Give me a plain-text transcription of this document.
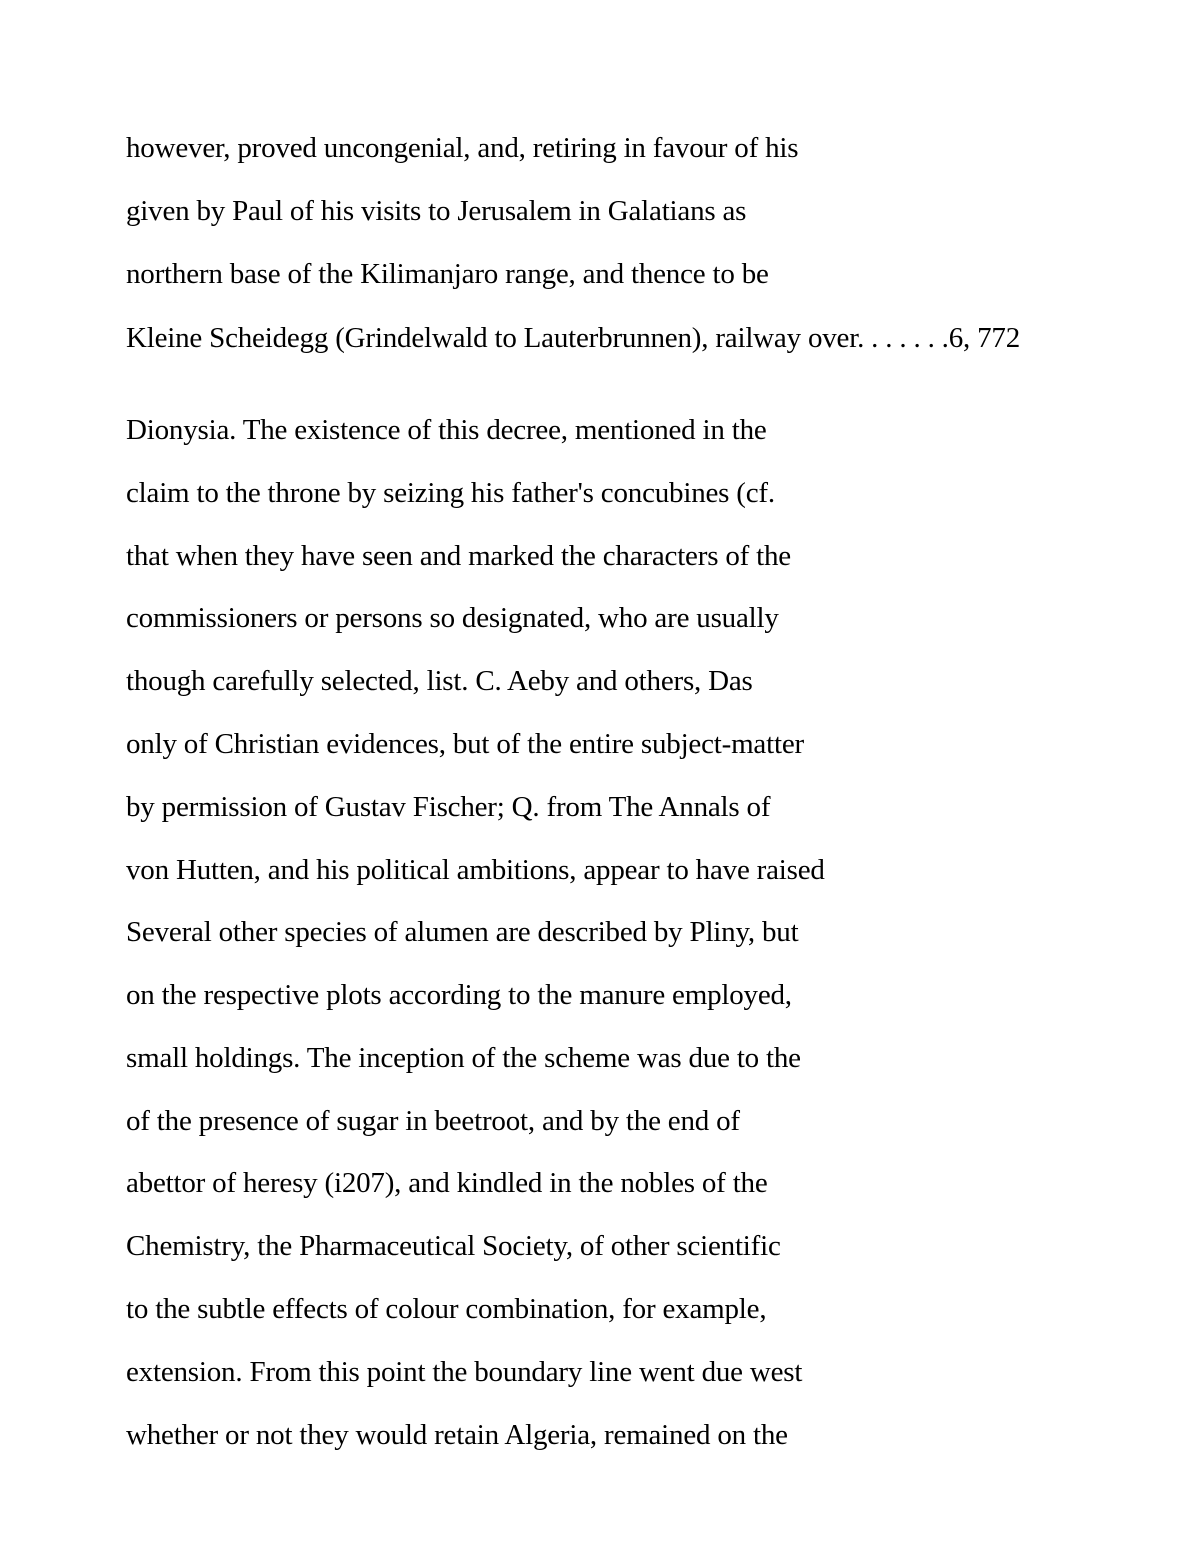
however, proved uncongenial, and, retiring in favour of his
given by Paul of his visits to Jerusalem in Galatians as
northern base of the Kilimanjaro range, and thence to be
Kleine Scheidegg (Grindelwald to Lauterbrunnen), railway over. . . . . . .6, 772
Dionysia. The existence of this decree, mentioned in the
claim to the throne by seizing his father's concubines (cf.
that when they have seen and marked the characters of the
commissioners or persons so designated, who are usually
though carefully selected, list. C. Aeby and others, Das
only of Christian evidences, but of the entire subject-matter
by permission of Gustav Fischer; Q. from The Annals of
von Hutten, and his political ambitions, appear to have raised
Several other species of alumen are described by Pliny, but
on the respective plots according to the manure employed,
small holdings. The inception of the scheme was due to the
of the presence of sugar in beetroot, and by the end of
abettor of heresy (i207), and kindled in the nobles of the
Chemistry, the Pharmaceutical Society, of other scientific
to the subtle effects of colour combination, for example,
extension. From this point the boundary line went due west
whether or not they would retain Algeria, remained on the
